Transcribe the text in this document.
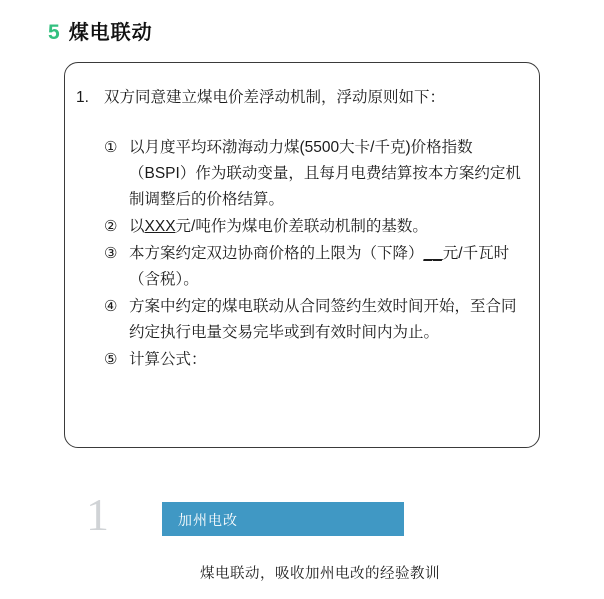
5 煤电联动
1. 双方同意建立煤电价差浮动机制，浮动原则如下：
① 以月度平均环渤海动力煤(5500大卡/千克)价格指数（BSPI）作为联动变量，且每月电费结算按本方案约定机制调整后的价格结算。
② 以XXX元/吨作为煤电价差联动机制的基数。
③ 本方案约定双边协商价格的上限为（下降）__元/千瓦时（含税）。
④ 方案中约定的煤电联动从合同签约生效时间开始，至合同约定执行电量交易完毕或到有效时间内为止。
⑤ 计算公式：
1	加州电改
煤电联动，吸收加州电改的经验教训
